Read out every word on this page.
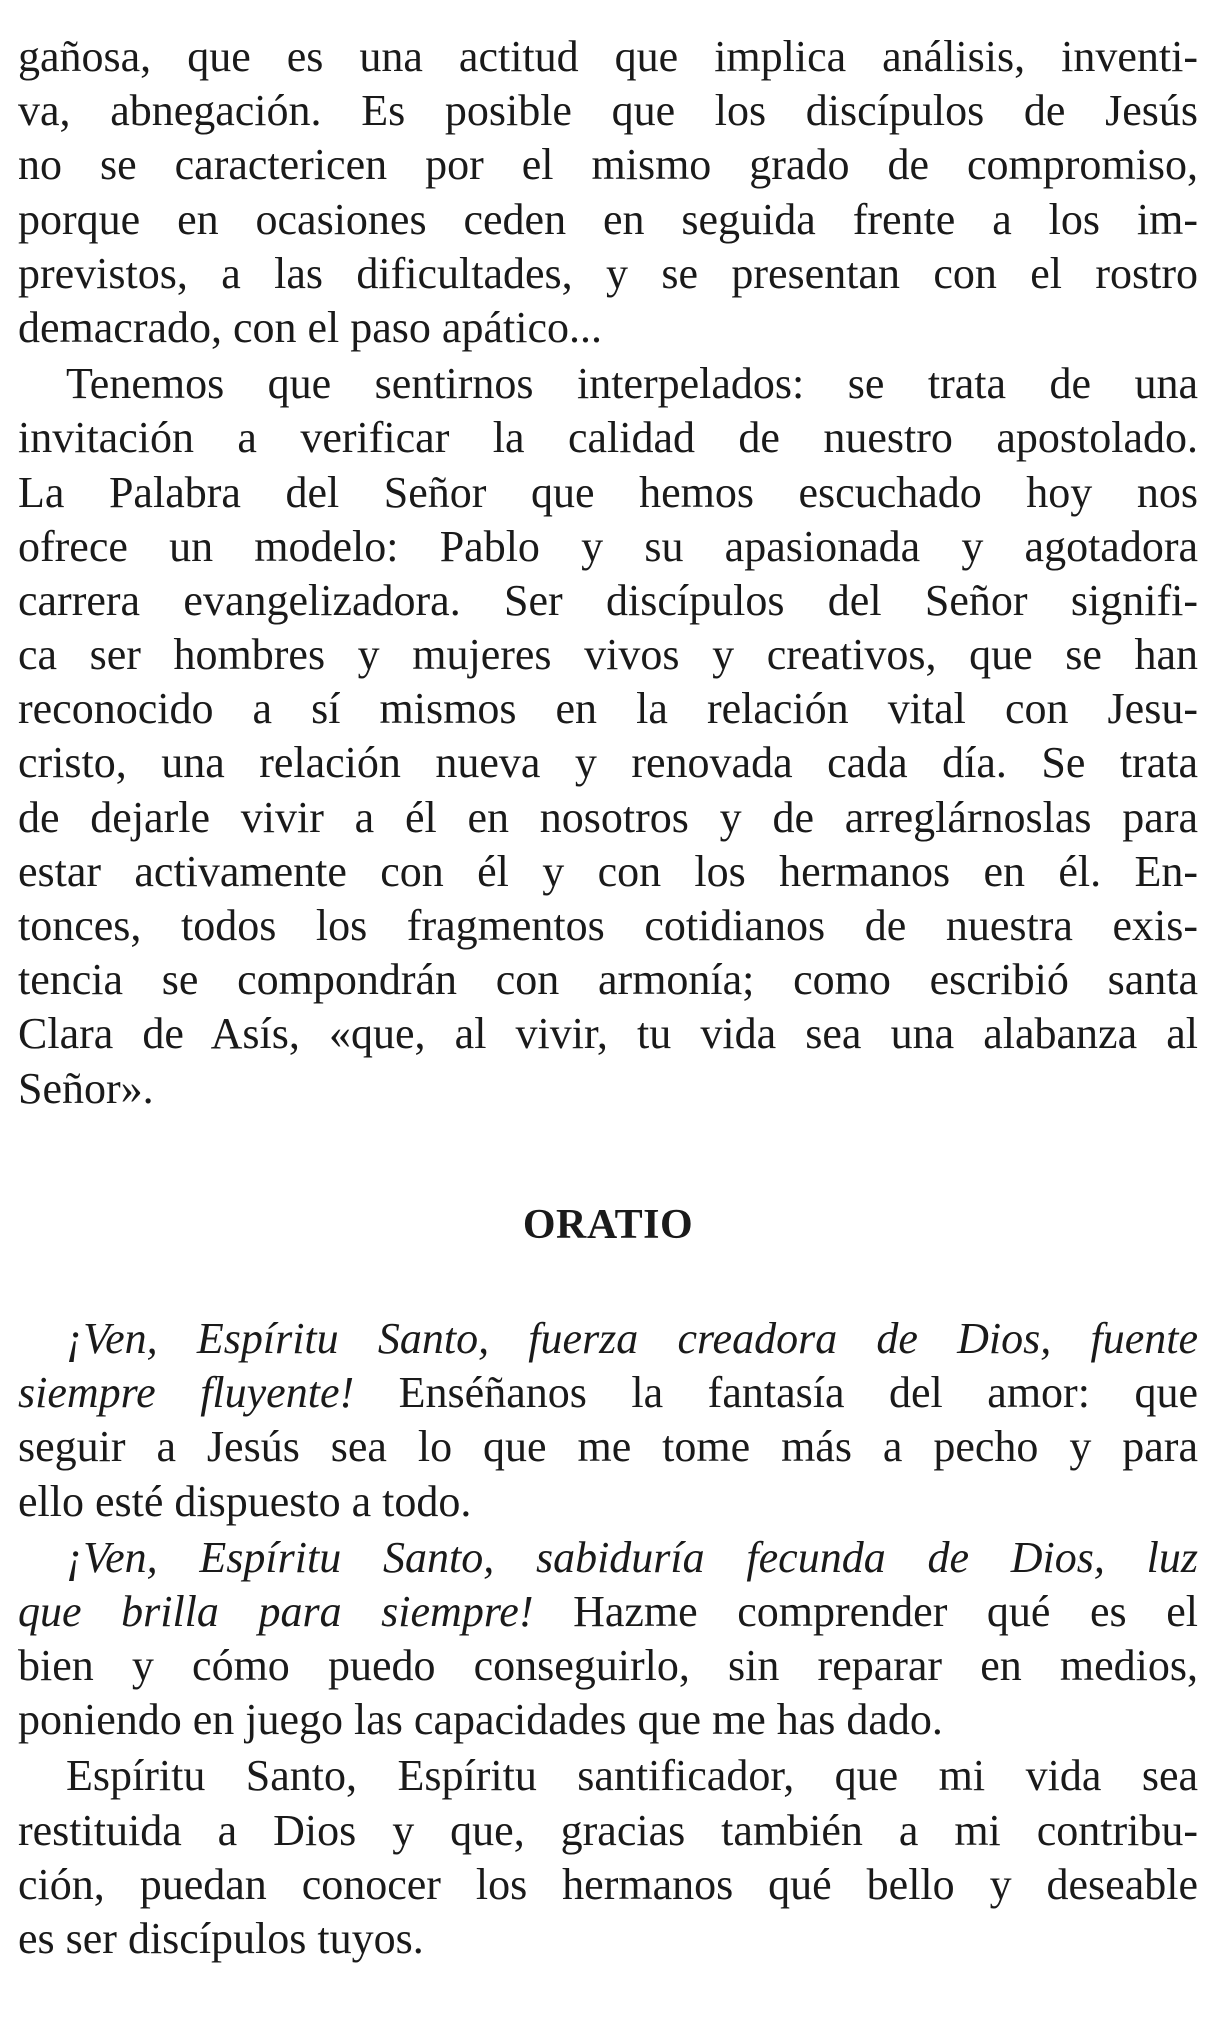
gañosa, que es una actitud que implica análisis, inventi-
va, abnegación. Es posible que los discípulos de Jesús
no se caractericen por el mismo grado de compromiso,
porque en ocasiones ceden en seguida frente a los im-
previstos, a las dificultades, y se presentan con el rostro
demacrado, con el paso apático...
Tenemos que sentirnos interpelados: se trata de una
invitación a verificar la calidad de nuestro apostolado.
La Palabra del Señor que hemos escuchado hoy nos
ofrece un modelo: Pablo y su apasionada y agotadora
carrera evangelizadora. Ser discípulos del Señor signifi-
ca ser hombres y mujeres vivos y creativos, que se han
reconocido a sí mismos en la relación vital con Jesu-
cristo, una relación nueva y renovada cada día. Se trata
de dejarle vivir a él en nosotros y de arreglárnoslas para
estar activamente con él y con los hermanos en él. En-
tonces, todos los fragmentos cotidianos de nuestra exis-
tencia se compondrán con armonía; como escribió santa
Clara de Asís, «que, al vivir, tu vida sea una alabanza al
Señor».
ORATIO
¡Ven, Espíritu Santo, fuerza creadora de Dios, fuente
siempre fluyente! Enséñanos la fantasía del amor: que
seguir a Jesús sea lo que me tome más a pecho y para
ello esté dispuesto a todo.
¡Ven, Espíritu Santo, sabiduría fecunda de Dios, luz
que brilla para siempre! Hazme comprender qué es el
bien y cómo puedo conseguirlo, sin reparar en medios,
poniendo en juego las capacidades que me has dado.
Espíritu Santo, Espíritu santificador, que mi vida sea
restituida a Dios y que, gracias también a mi contribu-
ción, puedan conocer los hermanos qué bello y deseable
es ser discípulos tuyos.
